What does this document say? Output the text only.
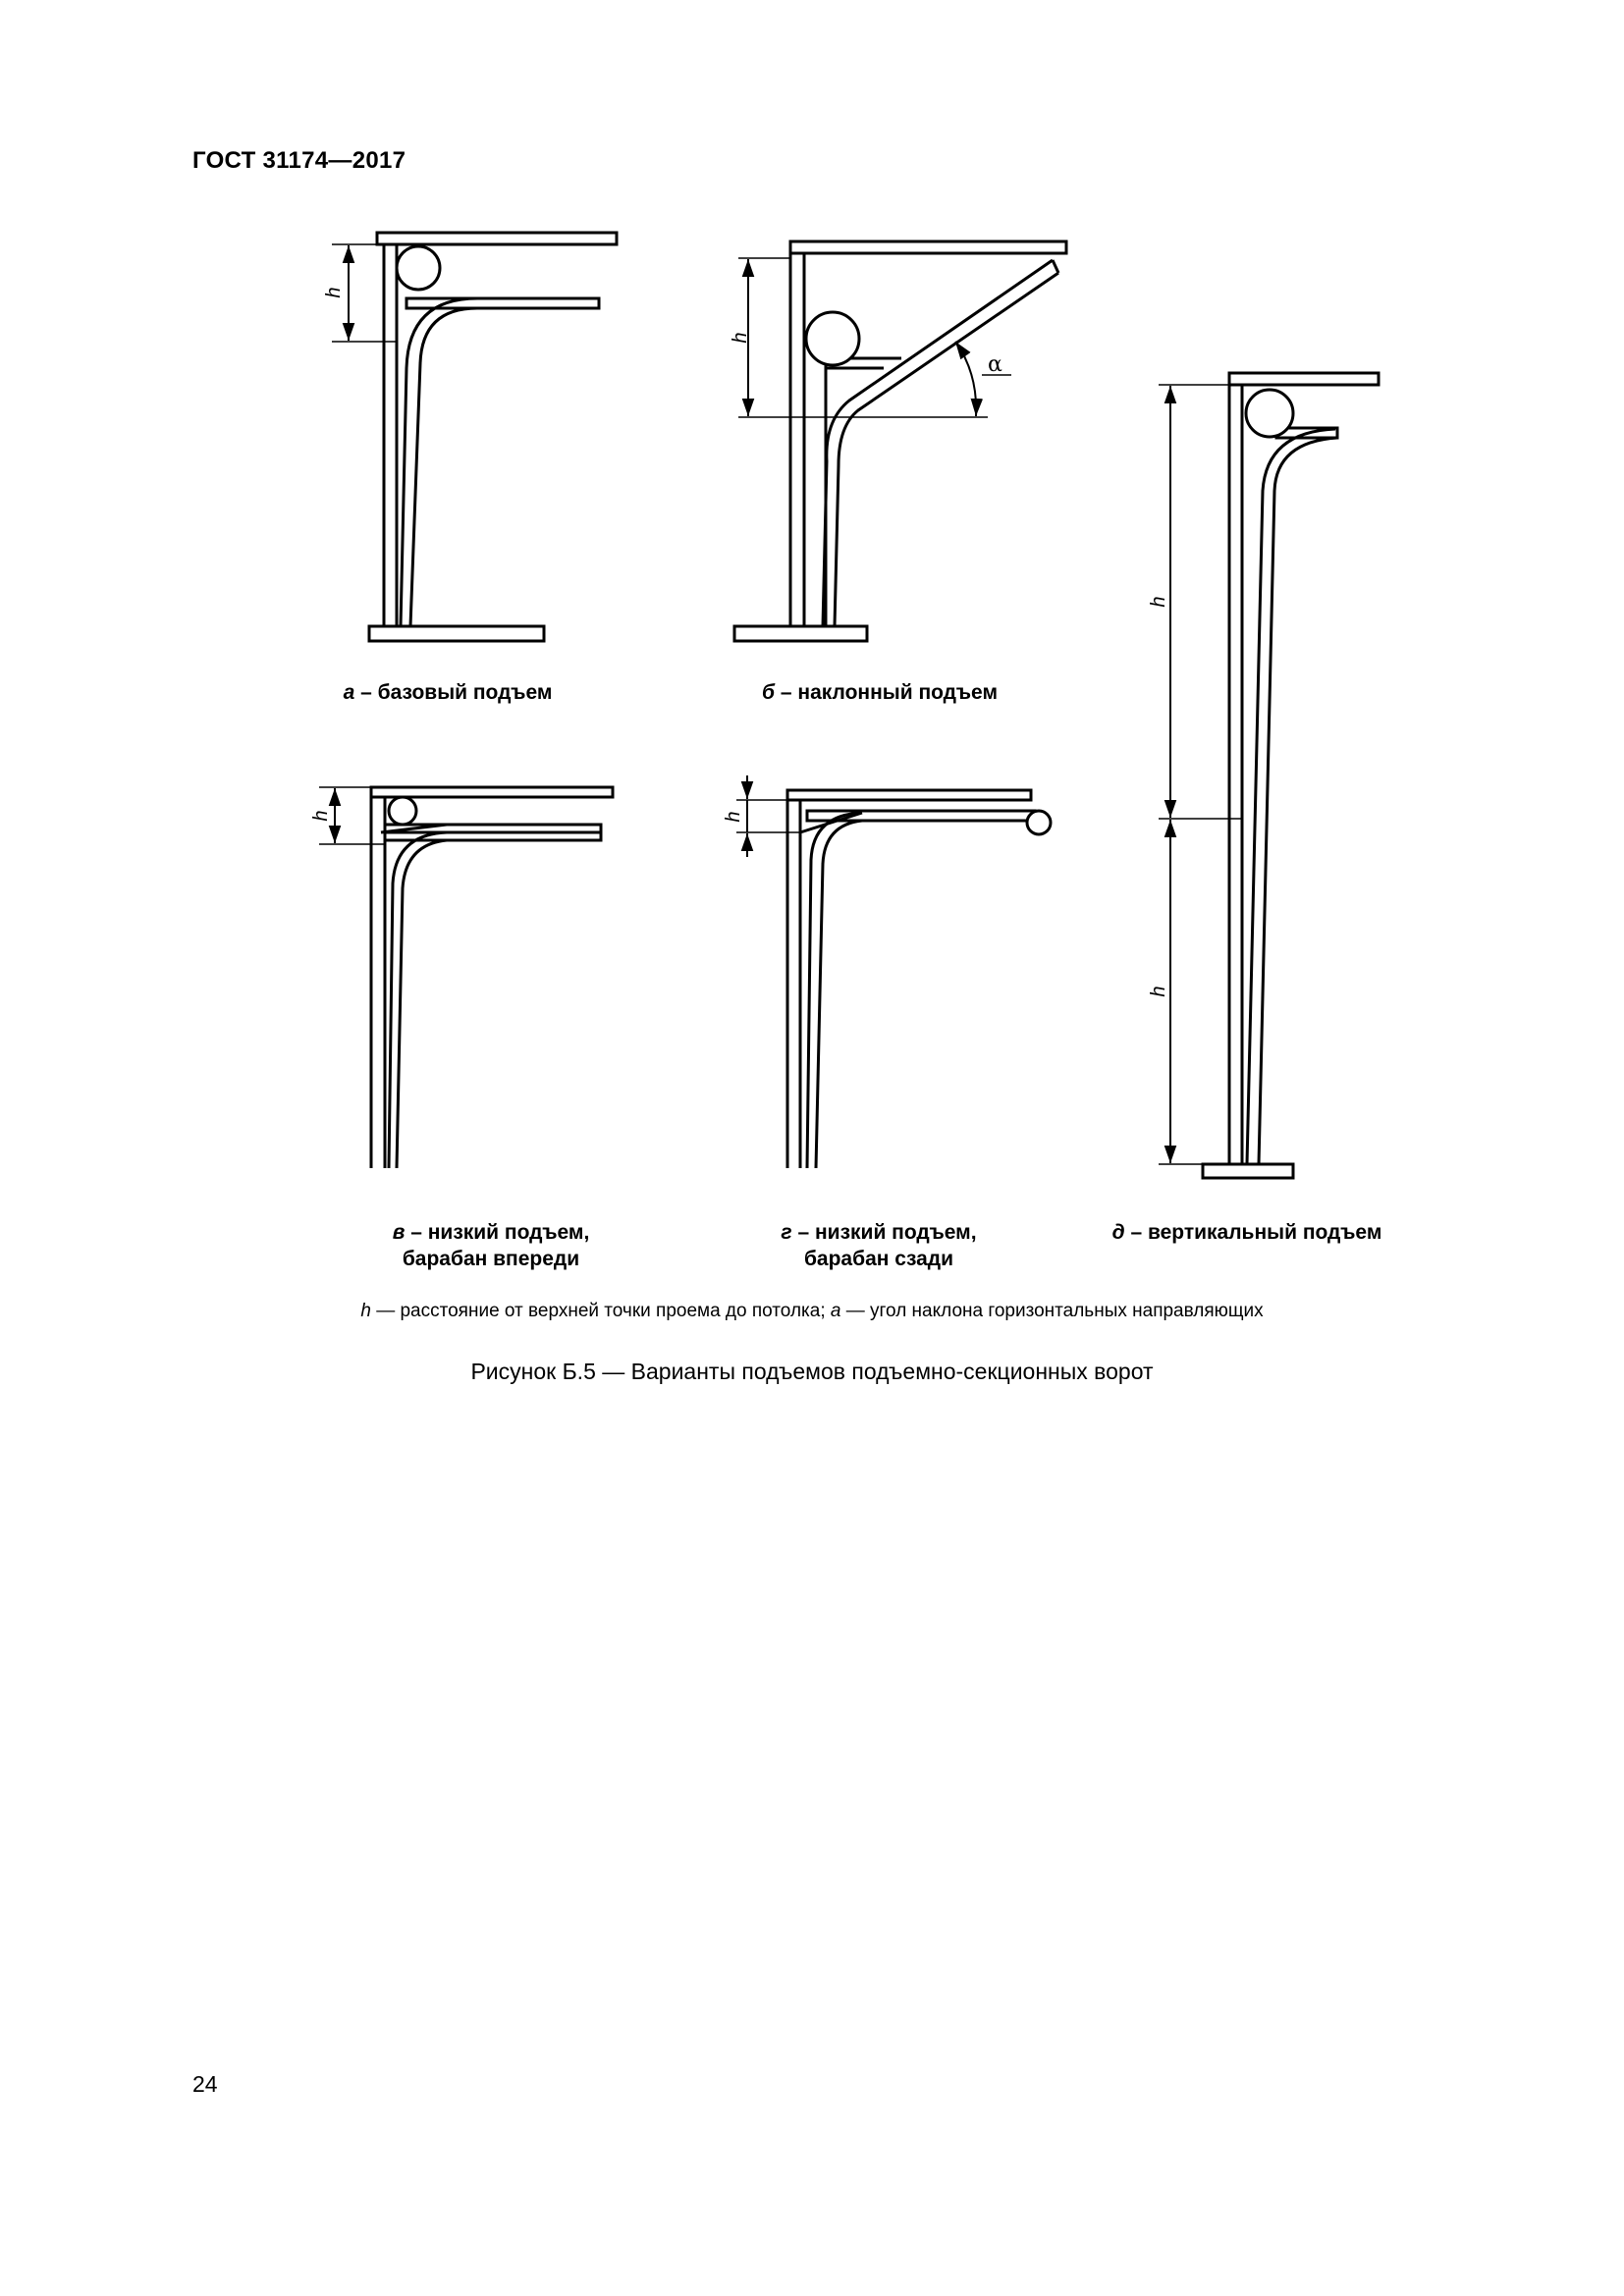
ГОСТ 31174—2017
h
h
α
h	h
h
h
а – базовый подъем	б – наклонный подъем
в – низкий подъем,
барабан впереди
г – низкий подъем,
барабан сзади
д – вертикальный подъем
h — расстояние от верхней точки проема до потолка; a — угол наклона горизонтальных направляющих
Рисунок Б.5 — Варианты подъемов подъемно-секционных ворот
24
